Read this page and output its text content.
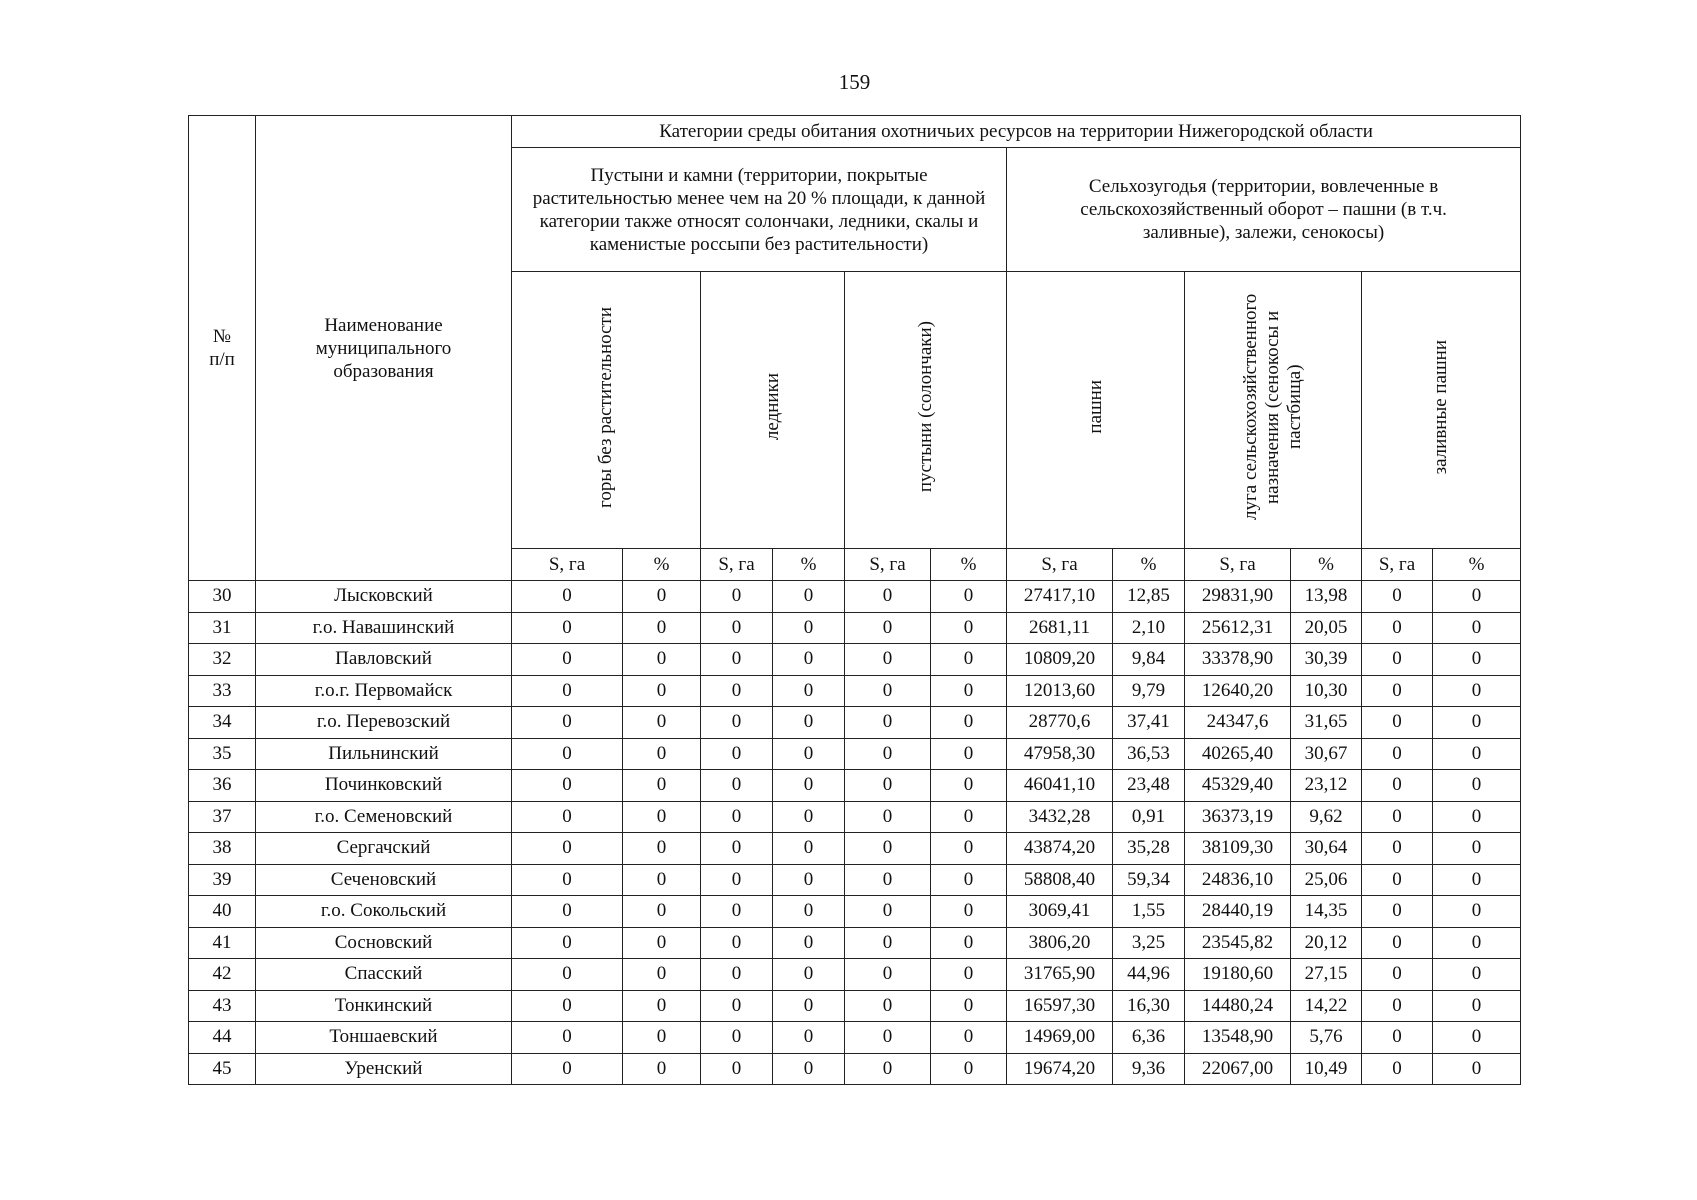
159
№
п/п	Наименование муниципального образования	Категории среды обитания охотничьих ресурсов на территории Нижегородской области											
		Пустыни и камни (территории, покрытые растительностью менее чем на 20 % площади, к данной категории также относят солончаки, ледники, скалы и каменистые россыпи без растительности)						Сельхозугодья (территории, вовлеченные в сельскохозяйственный оборот – пашни (в т.ч. заливные), залежи, сенокосы)					
		горы без растительности		ледники		пустыни (солончаки)		пашни		луга сельскохозяйственного назначения (сенокосы и пастбища)		заливные пашни	
		S, га	%	S, га	%	S, га	%	S, га	%	S, га	%	S, га	%
30	Лысковский	0	0	0	0	0	0	27417,10	12,85	29831,90	13,98	0	0
31	г.о. Навашинский	0	0	0	0	0	0	2681,11	2,10	25612,31	20,05	0	0
32	Павловский	0	0	0	0	0	0	10809,20	9,84	33378,90	30,39	0	0
33	г.о.г. Первомайск	0	0	0	0	0	0	12013,60	9,79	12640,20	10,30	0	0
34	г.о. Перевозский	0	0	0	0	0	0	28770,6	37,41	24347,6	31,65	0	0
35	Пильнинский	0	0	0	0	0	0	47958,30	36,53	40265,40	30,67	0	0
36	Починковский	0	0	0	0	0	0	46041,10	23,48	45329,40	23,12	0	0
37	г.о. Семеновский	0	0	0	0	0	0	3432,28	0,91	36373,19	9,62	0	0
38	Сергачский	0	0	0	0	0	0	43874,20	35,28	38109,30	30,64	0	0
39	Сеченовский	0	0	0	0	0	0	58808,40	59,34	24836,10	25,06	0	0
40	г.о. Сокольский	0	0	0	0	0	0	3069,41	1,55	28440,19	14,35	0	0
41	Сосновский	0	0	0	0	0	0	3806,20	3,25	23545,82	20,12	0	0
42	Спасский	0	0	0	0	0	0	31765,90	44,96	19180,60	27,15	0	0
43	Тонкинский	0	0	0	0	0	0	16597,30	16,30	14480,24	14,22	0	0
44	Тоншаевский	0	0	0	0	0	0	14969,00	6,36	13548,90	5,76	0	0
45	Уренский	0	0	0	0	0	0	19674,20	9,36	22067,00	10,49	0	0
